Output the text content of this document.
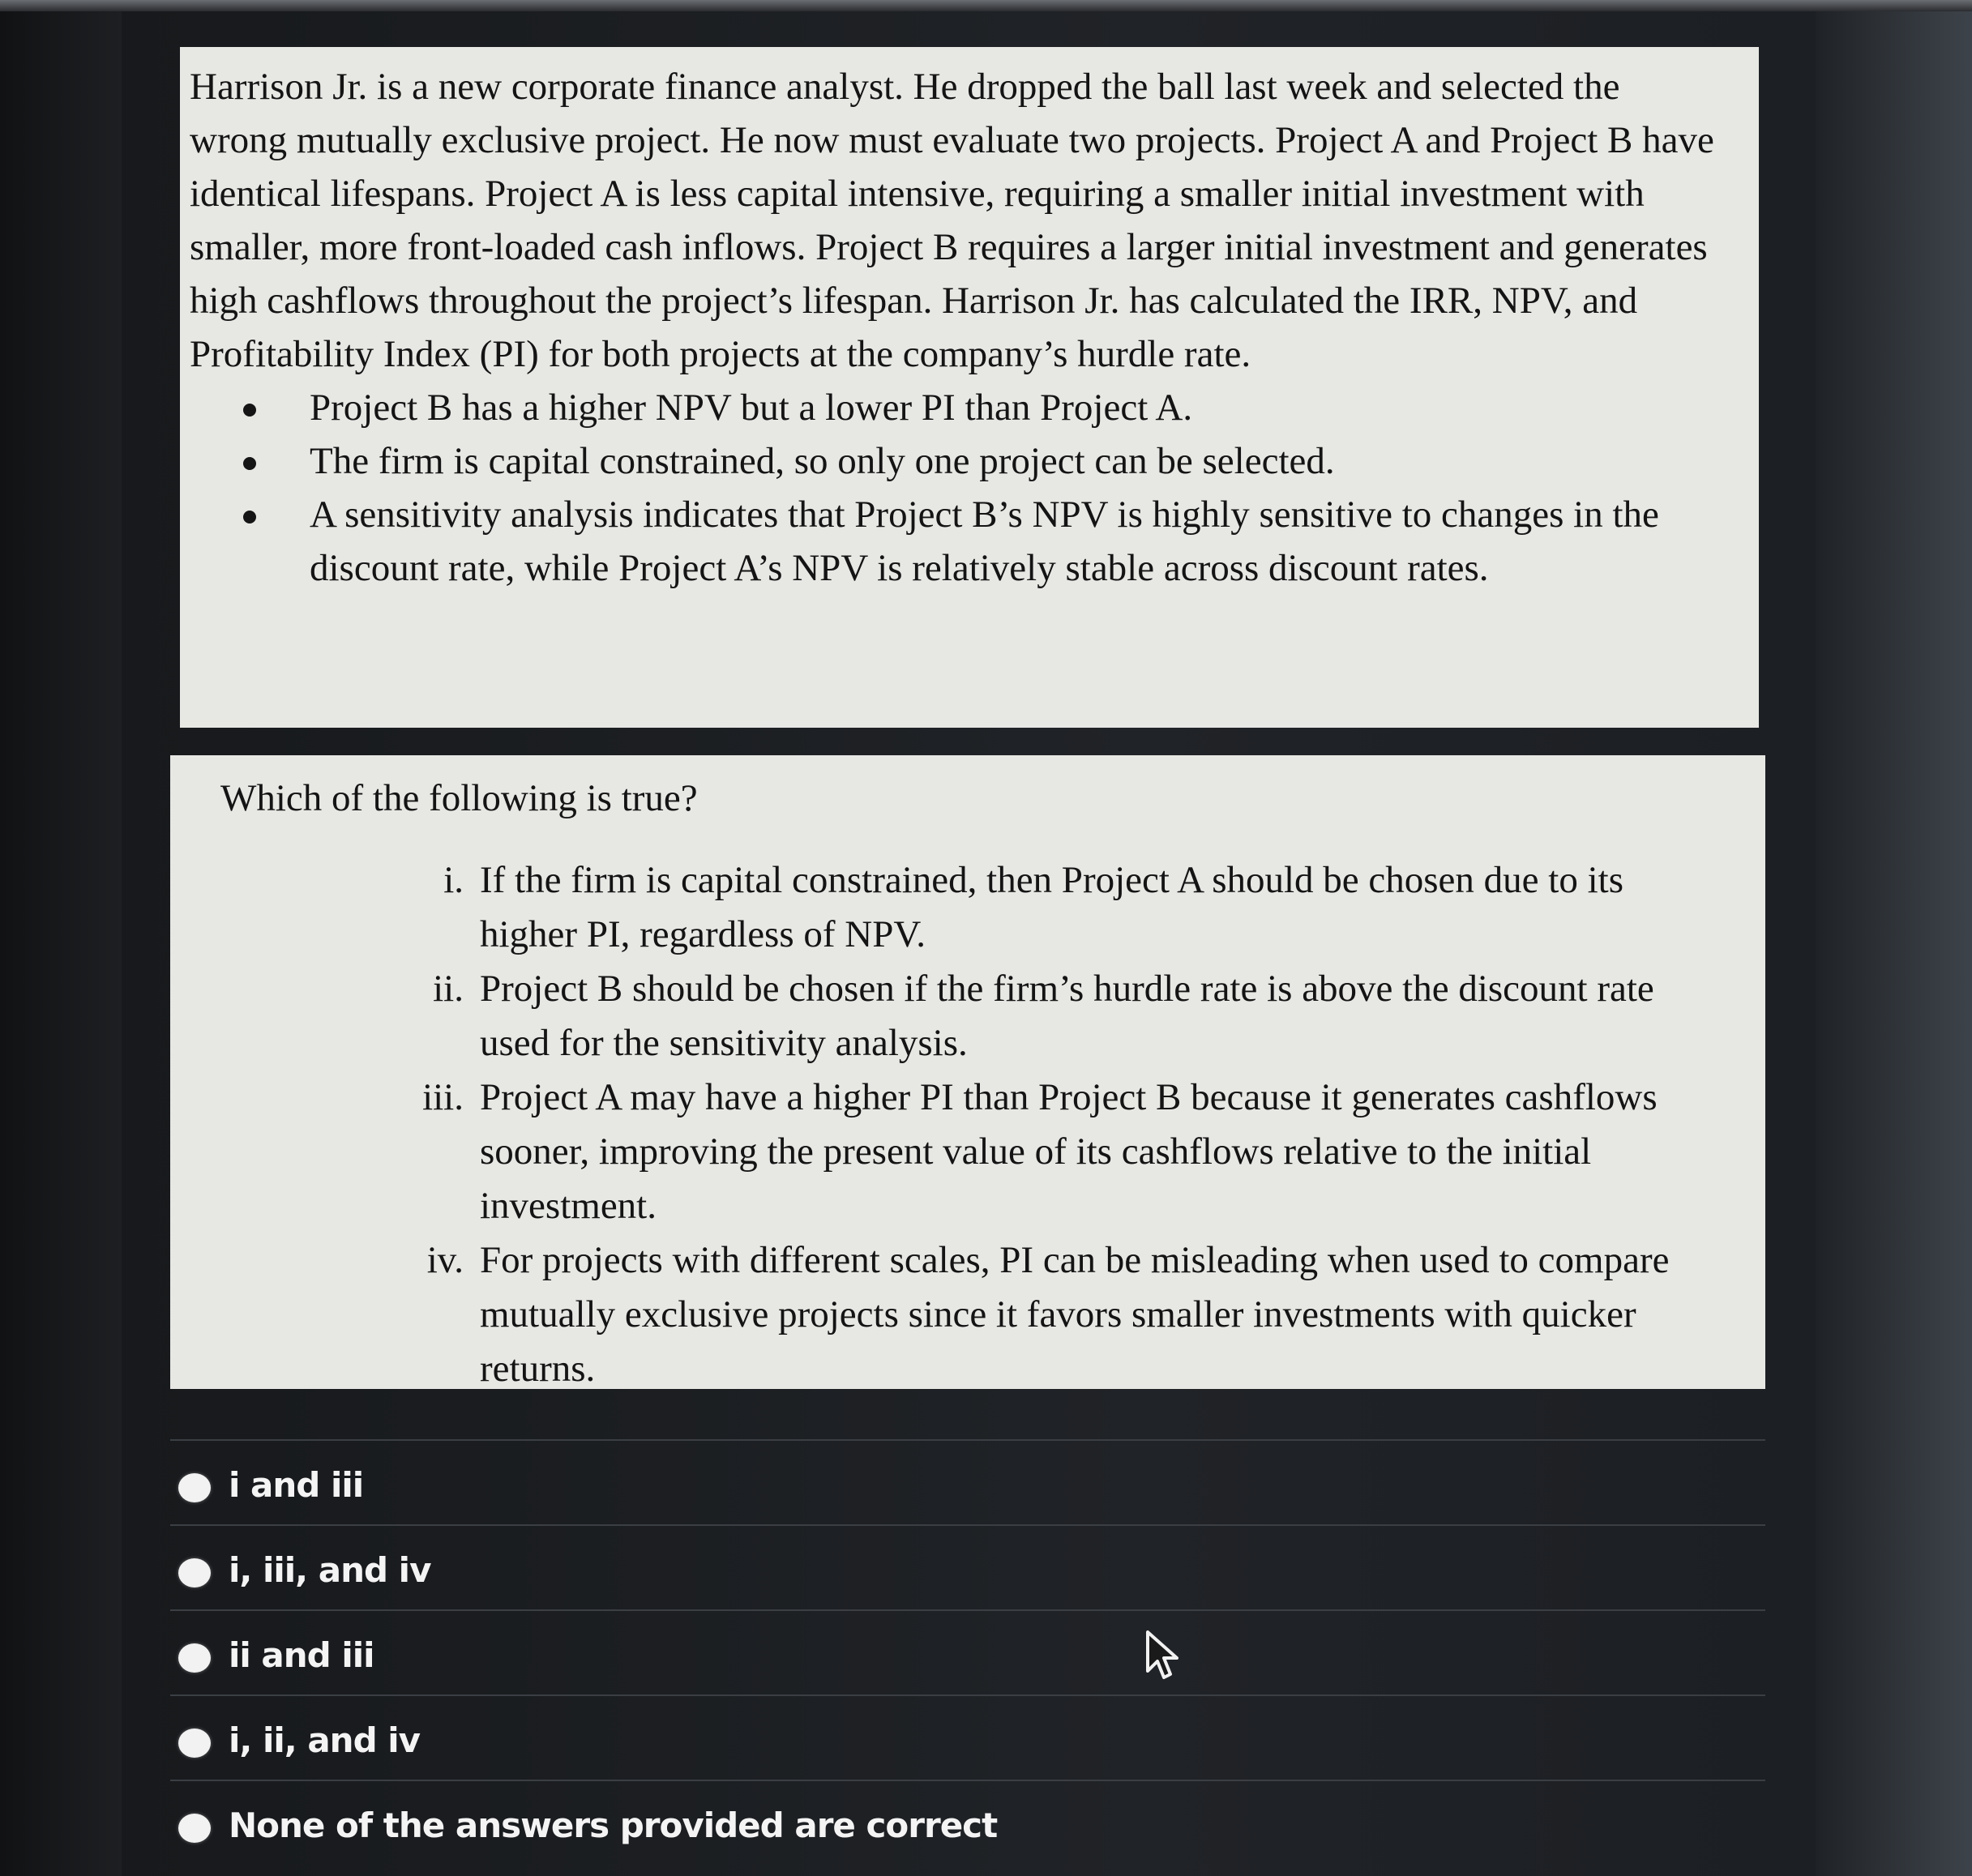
Harrison Jr. is a new corporate finance analyst. He dropped the ball last week and selected the wrong mutually exclusive project. He now must evaluate two projects. Project A and Project B have identical lifespans. Project A is less capital intensive, requiring a smaller initial investment with smaller, more front-loaded cash inflows. Project B requires a larger initial investment and generates high cashflows throughout the project’s lifespan. Harrison Jr. has calculated the IRR, NPV, and Profitability Index (PI) for both projects at the company’s hurdle rate.

Project B has a higher NPV but a lower PI than Project A.
The firm is capital constrained, so only one project can be selected.
A sensitivity analysis indicates that Project B’s NPV is highly sensitive to changes in the discount rate, while Project A’s NPV is relatively stable across discount rates.

Which of the following is true?

i. If the firm is capital constrained, then Project A should be chosen due to its higher PI, regardless of NPV.
ii. Project B should be chosen if the firm’s hurdle rate is above the discount rate used for the sensitivity analysis.
iii. Project A may have a higher PI than Project B because it generates cashflows sooner, improving the present value of its cashflows relative to the initial investment.
iv. For projects with different scales, PI can be misleading when used to compare mutually exclusive projects since it favors smaller investments with quicker returns.
i and iii
i, iii, and iv
ii and iii
i, ii, and iv
None of the answers provided are correct
